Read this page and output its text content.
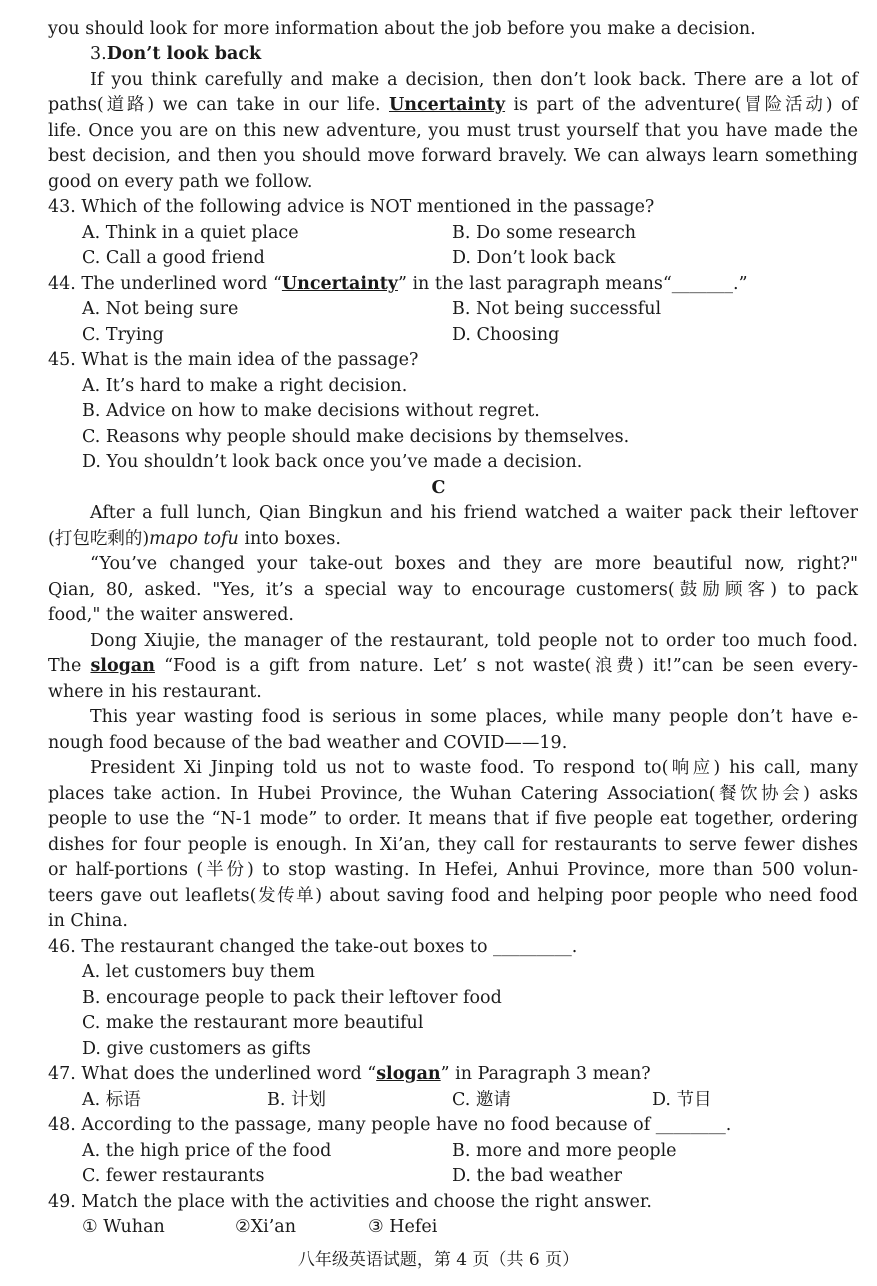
you should look for more information about the job before you make a decision.
3.Don’t look back
If you think carefully and make a decision, then don’t look back. There are a lot of
paths(道路) we can take in our life. Uncertainty is part of the adventure(冒险活动) of
life. Once you are on this new adventure, you must trust yourself that you have made the
best decision, and then you should move forward bravely. We can always learn something
good on every path we follow.
43. Which of the following advice is NOT mentioned in the passage?
A. Think in a quiet place	B. Do some research
C. Call a good friend	D. Don’t look back
44. The underlined word “Uncertainty” in the last paragraph means“_______.”
A. Not being sure	B. Not being successful
C. Trying	D. Choosing
45. What is the main idea of the passage?
A. It’s hard to make a right decision.
B. Advice on how to make decisions without regret.
C. Reasons why people should make decisions by themselves.
D. You shouldn’t look back once you’ve made a decision.
C
After a full lunch, Qian Bingkun and his friend watched a waiter pack their leftover
(打包吃剩的)mapo tofu into boxes.
“You’ve changed your take-out boxes and they are more beautiful now, right?"
Qian, 80, asked. "Yes, it’s a special way to encourage customers(鼓励顾客) to pack
food," the waiter answered.
Dong Xiujie, the manager of the restaurant, told people not to order too much food.
The slogan “Food is a gift from nature. Let’ s not waste(浪费) it!”can be seen every-
where in his restaurant.
This year wasting food is serious in some places, while many people don’t have e-
nough food because of the bad weather and COVID——19.
President Xi Jinping told us not to waste food. To respond to(响应) his call, many
places take action. In Hubei Province, the Wuhan Catering Association(餐饮协会) asks
people to use the “N-1 mode” to order. It means that if five people eat together, ordering
dishes for four people is enough. In Xi’an, they call for restaurants to serve fewer dishes
or half-portions (半份) to stop wasting. In Hefei, Anhui Province, more than 500 volun-
teers gave out leaflets(发传单) about saving food and helping poor people who need food
in China.
46. The restaurant changed the take-out boxes to _________.
A. let customers buy them
B. encourage people to pack their leftover food
C. make the restaurant more beautiful
D. give customers as gifts
47. What does the underlined word “slogan” in Paragraph 3 mean?
A. 标语	B. 计划	C. 邀请	D. 节目
48. According to the passage, many people have no food because of ________.
A. the high price of the food	B. more and more people
C. fewer restaurants	D. the bad weather
49. Match the place with the activities and choose the right answer.
① Wuhan	②Xi’an	③ Hefei
八年级英语试题，第 4 页（共 6 页）
